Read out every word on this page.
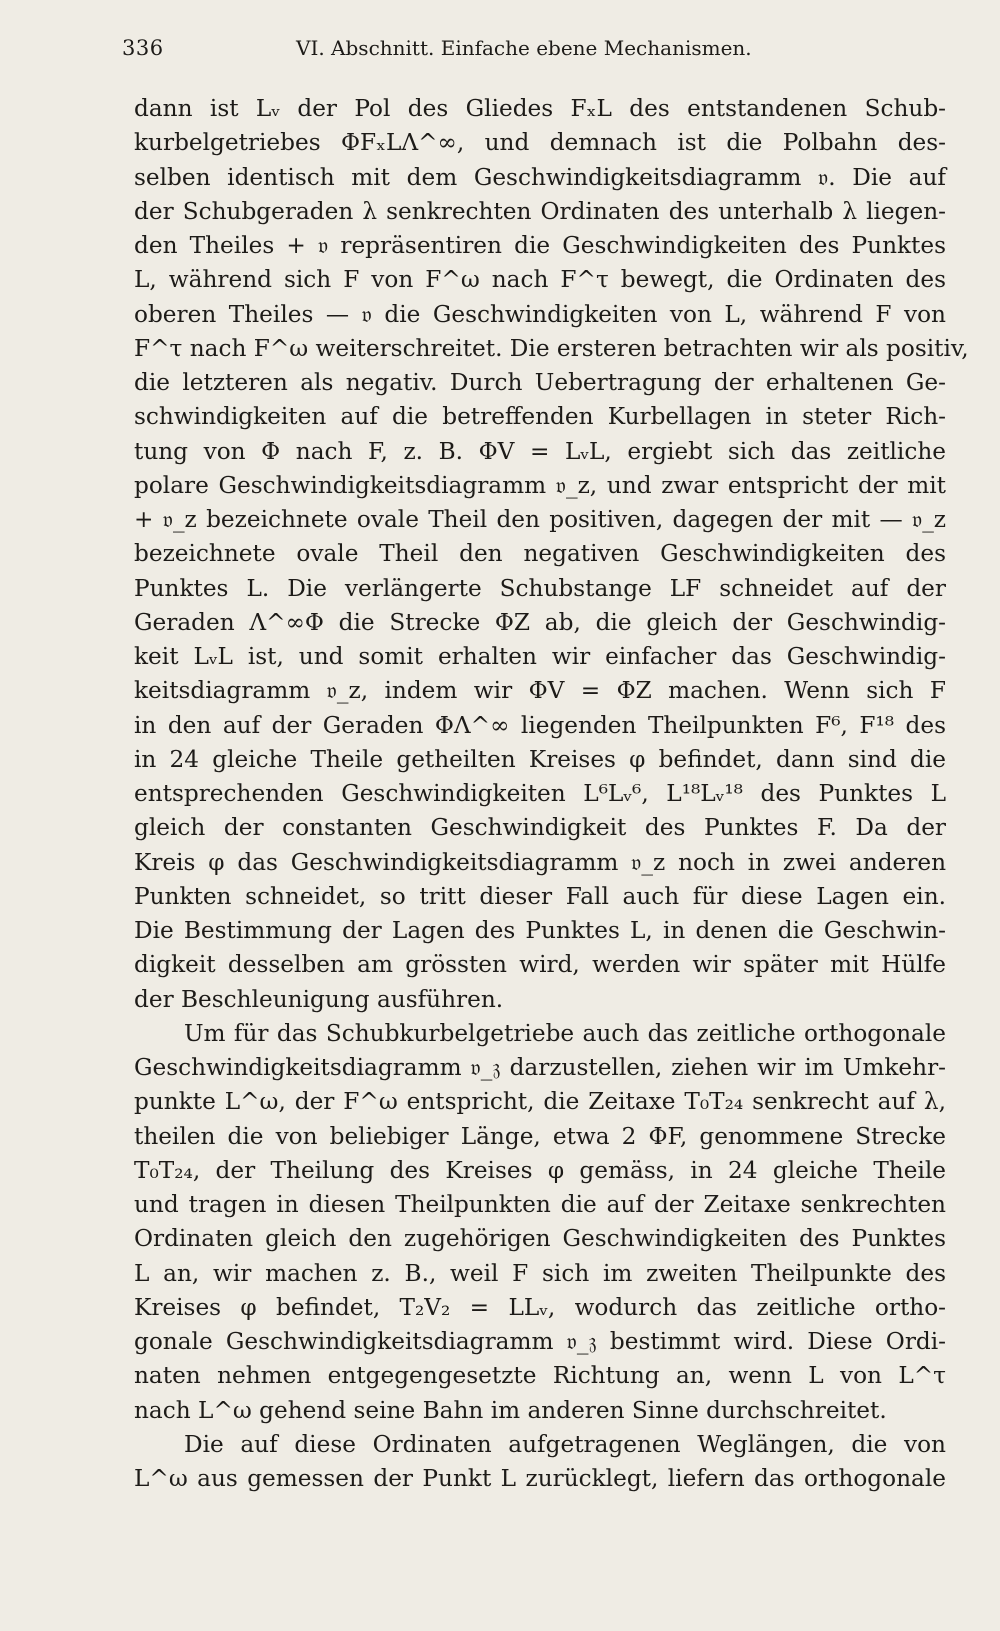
336	VI. Abschnitt. Einfache ebene Mechanismen.
dann ist Lᵥ der Pol des Gliedes FₓL des entstandenen Schub-
kurbelgetriebes ΦFₓLΛ^∞, und demnach ist die Polbahn des-
selben identisch mit dem Geschwindigkeitsdiagramm 𝔳. Die auf
der Schubgeraden λ senkrechten Ordinaten des unterhalb λ liegen-
den Theiles + 𝔳 repräsentiren die Geschwindigkeiten des Punktes
L, während sich F von F^ω nach F^τ bewegt, die Ordinaten des
oberen Theiles — 𝔳 die Geschwindigkeiten von L, während F von
F^τ nach F^ω weiterschreitet. Die ersteren betrachten wir als positiv,
die letzteren als negativ. Durch Uebertragung der erhaltenen Ge-
schwindigkeiten auf die betreffenden Kurbellagen in steter Rich-
tung von Φ nach F, z. B. ΦV = LᵥL, ergiebt sich das zeitliche
polare Geschwindigkeitsdiagramm 𝔳_z, und zwar entspricht der mit
+ 𝔳_z bezeichnete ovale Theil den positiven, dagegen der mit — 𝔳_z
bezeichnete ovale Theil den negativen Geschwindigkeiten des
Punktes L. Die verlängerte Schubstange LF schneidet auf der
Geraden Λ^∞Φ die Strecke ΦZ ab, die gleich der Geschwindig-
keit LᵥL ist, und somit erhalten wir einfacher das Geschwindig-
keitsdiagramm 𝔳_z, indem wir ΦV = ΦZ machen. Wenn sich F
in den auf der Geraden ΦΛ^∞ liegenden Theilpunkten F⁶, F¹⁸ des
in 24 gleiche Theile getheilten Kreises φ befindet, dann sind die
entsprechenden Geschwindigkeiten L⁶Lᵥ⁶, L¹⁸Lᵥ¹⁸ des Punktes L
gleich der constanten Geschwindigkeit des Punktes F. Da der
Kreis φ das Geschwindigkeitsdiagramm 𝔳_z noch in zwei anderen
Punkten schneidet, so tritt dieser Fall auch für diese Lagen ein.
Die Bestimmung der Lagen des Punktes L, in denen die Geschwin-
digkeit desselben am grössten wird, werden wir später mit Hülfe
der Beschleunigung ausführen.
Um für das Schubkurbelgetriebe auch das zeitliche orthogonale
Geschwindigkeitsdiagramm 𝔳_𝔷 darzustellen, ziehen wir im Umkehr-
punkte L^ω, der F^ω entspricht, die Zeitaxe T₀T₂₄ senkrecht auf λ,
theilen die von beliebiger Länge, etwa 2 ΦF, genommene Strecke
T₀T₂₄, der Theilung des Kreises φ gemäss, in 24 gleiche Theile
und tragen in diesen Theilpunkten die auf der Zeitaxe senkrechten
Ordinaten gleich den zugehörigen Geschwindigkeiten des Punktes
L an, wir machen z. B., weil F sich im zweiten Theilpunkte des
Kreises φ befindet, T₂V₂ = LLᵥ, wodurch das zeitliche ortho-
gonale Geschwindigkeitsdiagramm 𝔳_𝔷 bestimmt wird. Diese Ordi-
naten nehmen entgegengesetzte Richtung an, wenn L von L^τ
nach L^ω gehend seine Bahn im anderen Sinne durchschreitet.
Die auf diese Ordinaten aufgetragenen Weglängen, die von
L^ω aus gemessen der Punkt L zurücklegt, liefern das orthogonale
